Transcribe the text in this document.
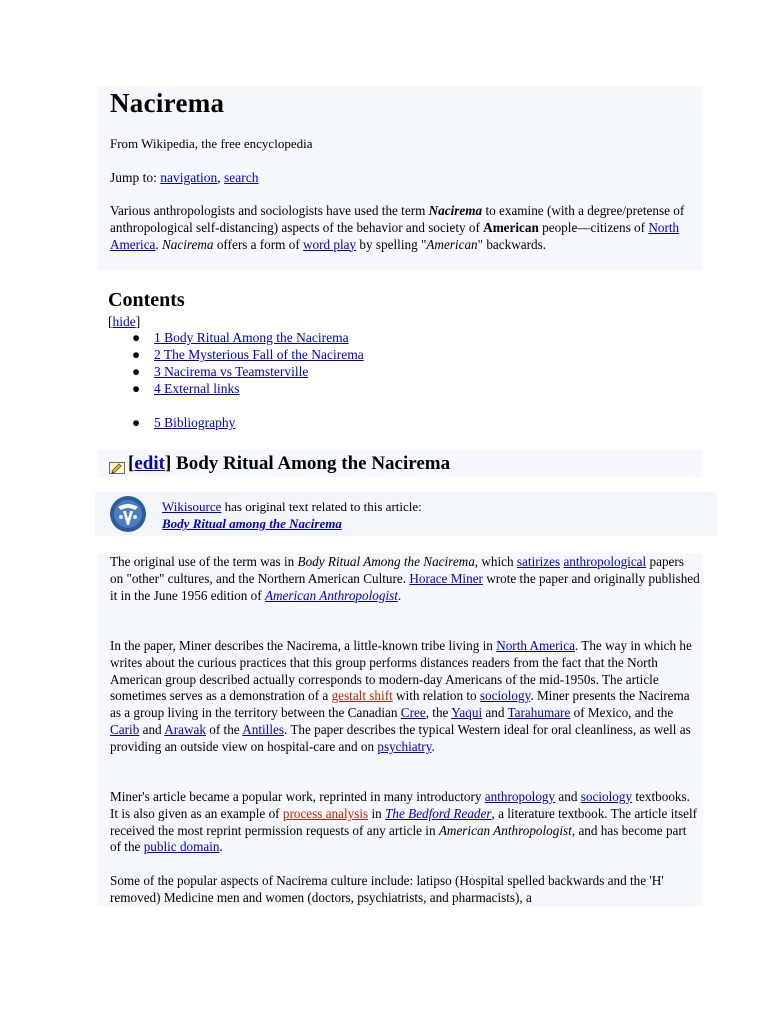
Nacirema
From Wikipedia, the free encyclopedia
Jump to: navigation, search
Various anthropologists and sociologists have used the term Nacirema to examine (with a degree/pretense of anthropological self-distancing) aspects of the behavior and society of American people—citizens of North America. Nacirema offers a form of word play by spelling "American" backwards.
Contents
[hide]
● 1 Body Ritual Among the Nacirema
● 2 The Mysterious Fall of the Nacirema
● 3 Nacirema vs Teamsterville
● 4 External links
● 5 Bibliography
[ edit ] Body Ritual Among the Nacirema
Wikisource has original text related to this article:
Body Ritual among the Nacirema
The original use of the term was in Body Ritual Among the Nacirema, which satirizes anthropological papers on "other" cultures, and the Northern American Culture. Horace Miner wrote the paper and originally published it in the June 1956 edition of American Anthropologist.
In the paper, Miner describes the Nacirema, a little-known tribe living in North America. The way in which he writes about the curious practices that this group performs distances readers from the fact that the North American group described actually corresponds to modern-day Americans of the mid-1950s. The article sometimes serves as a demonstration of a gestalt shift with relation to sociology. Miner presents the Nacirema as a group living in the territory between the Canadian Cree, the Yaqui and Tarahumare of Mexico, and the Carib and Arawak of the Antilles. The paper describes the typical Western ideal for oral cleanliness, as well as providing an outside view on hospital-care and on psychiatry.
Miner's article became a popular work, reprinted in many introductory anthropology and sociology textbooks. It is also given as an example of process analysis in The Bedford Reader, a literature textbook. The article itself received the most reprint permission requests of any article in American Anthropologist, and has become part of the public domain.
Some of the popular aspects of Nacirema culture include: latipso (Hospital spelled backwards and the 'H' removed) Medicine men and women (doctors, psychiatrists, and pharmacists), a
